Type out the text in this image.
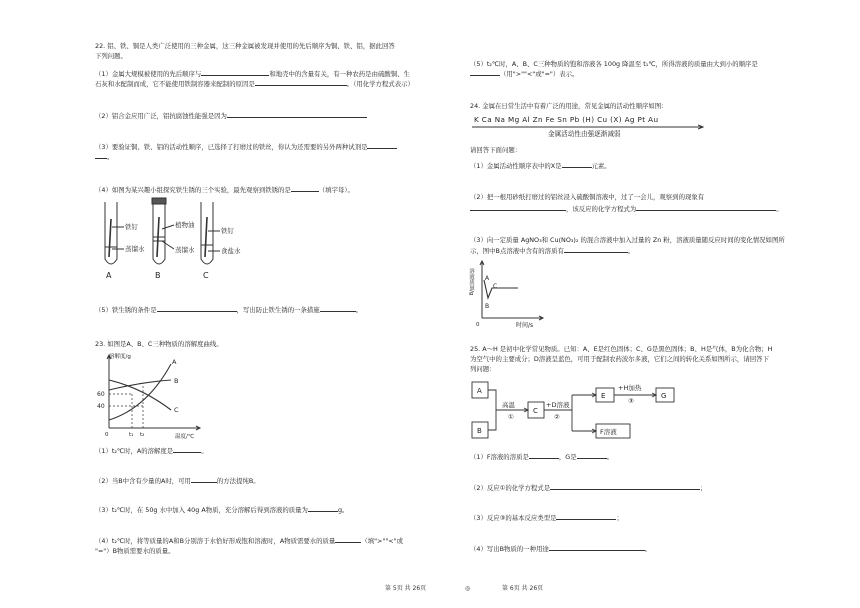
22. 铝、铁、铜是人类广泛使用的三种金属，这三种金属被发现并使用的先后顺序为铜、铁、铝，据此回答
下列问题。
（1）金属大规模被使用的先后顺序与	和地壳中的含量有关，有一种农药是由硫酸铜、生
石灰和水配制而成，它不能使用铁制容器来配制的原因是	。（用化学方程式表示）
（2）铝合金应用广泛，铝抗腐蚀性能强是因为
（3）要验证铜、铁、铝的活动性顺序，已选择了打磨过的铁丝，你认为还需要的另外两种试剂是
。
（4）如图为某兴趣小组探究铁生锈的三个实验，最先观察到铁锈的是	（填字母）。
铁钉
蒸馏水
植物油
蒸馏水
铁钉
食盐水
A	B	C
（5）铁生锈的条件是	，写出防止铁生锈的一条措施	。
23. 如图是A、B、C三种物质的溶解度曲线。
溶解度/g
温度/℃
60
40
t₁ t₂
0
A
B
C
（1）t₂℃时，A的溶解度是	。
（2）当B中含有少量的A时，可用	的方法提纯B。
（3）t₂℃时，在 50g 水中加入 40g A物质，充分溶解后得到溶液的质量为	g。
（4）t₂℃时，将等质量的A和B分别溶于水恰好形成饱和溶液时，A物质需要水的质量	（填">""<"或
"="）B物质需要水的质量。
（5）t₂℃时，A、B、C三种物质的饱和溶液各 100g 降温至 t₁℃，所得溶液的质量由大到小的顺序是
（用">""<"或"="）表示。
24. 金属在日常生活中有着广泛的用途，常见金属的活动性顺序如图：
K Ca Na Mg Al Zn Fe Sn Pb (H) Cu (X) Ag Pt Au
金属活动性由强逐渐减弱
请回答下面问题：
（1）金属活动性顺序表中的X是	元素。
（2）把一根用砂纸打磨过的铝丝浸入硫酸铜溶液中，过了一会儿，观察到的现象有
，该反应的化学方程式为	。
（3）向一定质量 AgNO₃和 Cu(NO₃)₂ 的混合溶液中加入过量的 Zn 粉，溶液质量随反应时间的变化情况如图所
示，图中B点溶液中含有的溶质有	。
溶液质量/g
时间/s
0
A
B
C
25. A～H 是初中化学常见物质。已知：A、E是红色固体；C、G是黑色固体；B、H是气体，B为化合物；H
为空气中的主要成分；D溶液呈蓝色，可用于配制农药波尔多液，它们之间的转化关系如图所示，请回答下
列问题：
A
B
C
E
F溶液
G
高温
①
+D溶液
②
+H加热
③
（1）F溶液的溶质是	，G是	。
（2）反应①的化学方程式是	；
（3）反应③的基本反应类型是	；
（4）写出B物质的一种用途	。
第 5页 共 26页	◎	第 6页 共 26页
